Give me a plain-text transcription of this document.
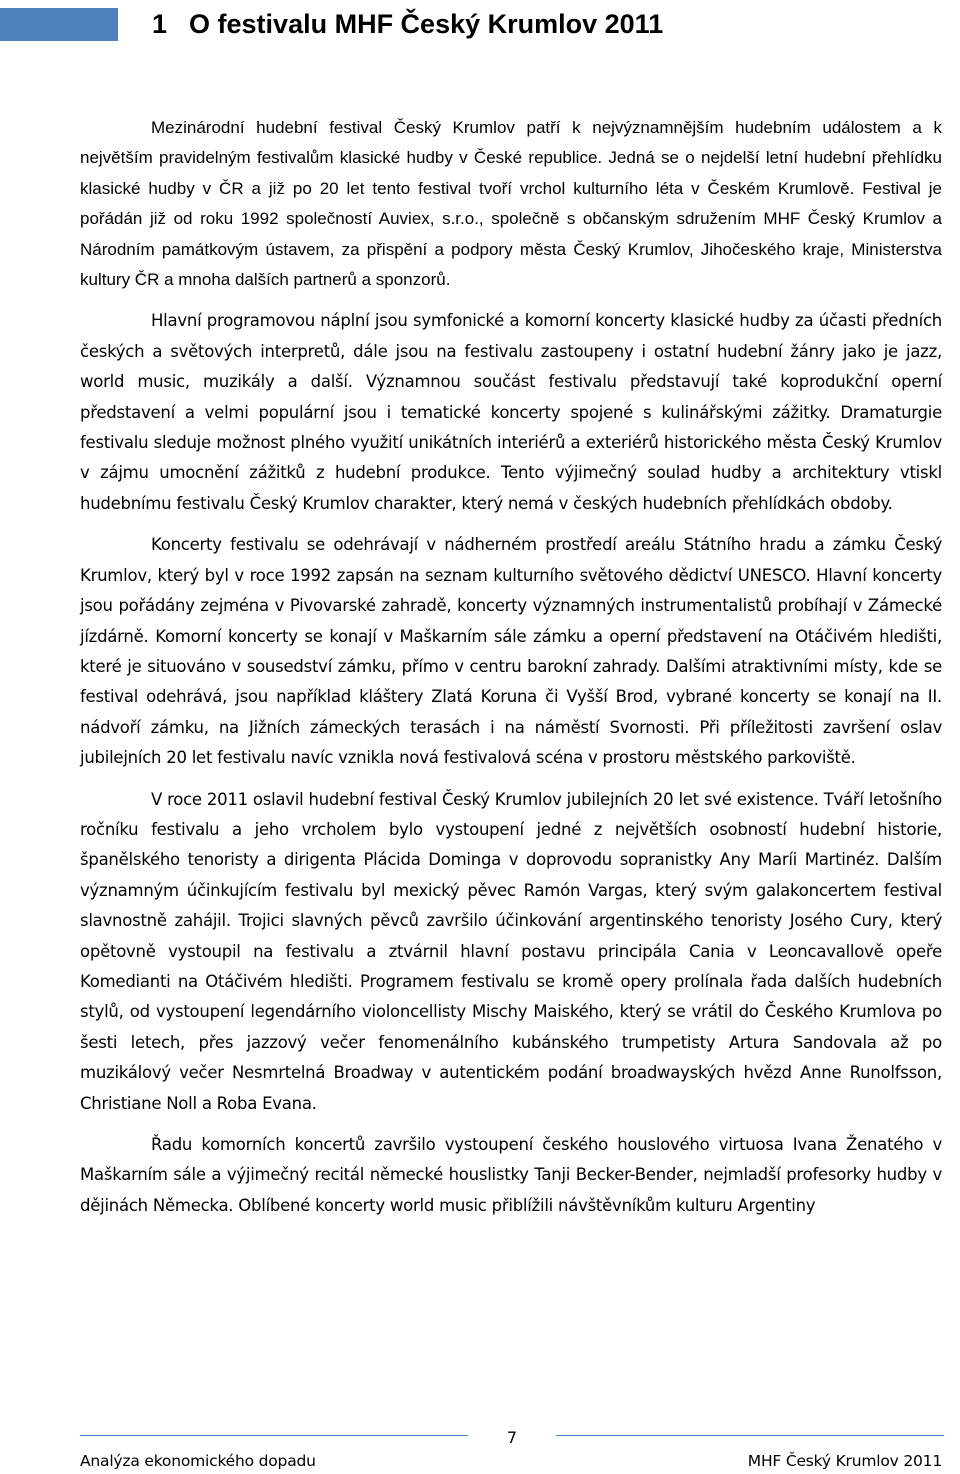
1 O festivalu MHF Český Krumlov 2011

Mezinárodní hudební festival Český Krumlov patří k nejvýznamnějším hudebním událostem a k největším pravidelným festivalům klasické hudby v České republice. Jedná se o nejdelší letní hudební přehlídku klasické hudby v ČR a již po 20 let tento festival tvoří vrchol kulturního léta v Českém Krumlově. Festival je pořádán již od roku 1992 společností Auviex, s.r.o., společně s občanským sdružením MHF Český Krumlov a Národním památkovým ústavem, za přispění a podpory města Český Krumlov, Jihočeského kraje, Ministerstva kultury ČR a mnoha dalších partnerů a sponzorů.

Hlavní programovou náplní jsou symfonické a komorní koncerty klasické hudby za účasti předních českých a světových interpretů, dále jsou na festivalu zastoupeny i ostatní hudební žánry jako je jazz, world music, muzikály a další. Významnou součást festivalu představují také koprodukční operní představení a velmi populární jsou i tematické koncerty spojené s kulinářskými zážitky. Dramaturgie festivalu sleduje možnost plného využití unikátních interiérů a exteriérů historického města Český Krumlov v zájmu umocnění zážitků z hudební produkce. Tento výjimečný soulad hudby a architektury vtiskl hudebnímu festivalu Český Krumlov charakter, který nemá v českých hudebních přehlídkách obdoby.

Koncerty festivalu se odehrávají v nádherném prostředí areálu Státního hradu a zámku Český Krumlov, který byl v roce 1992 zapsán na seznam kulturního světového dědictví UNESCO. Hlavní koncerty jsou pořádány zejména v Pivovarské zahradě, koncerty významných instrumentalistů probíhají v Zámecké jízdárně. Komorní koncerty se konají v Maškarním sále zámku a operní představení na Otáčivém hledišti, které je situováno v sousedství zámku, přímo v centru barokní zahrady. Dalšími atraktivními místy, kde se festival odehrává, jsou například kláštery Zlatá Koruna či Vyšší Brod, vybrané koncerty se konají na II. nádvoří zámku, na Jižních zámeckých terasách i na náměstí Svornosti. Při příležitosti završení oslav jubilejních 20 let festivalu navíc vznikla nová festivalová scéna v prostoru městského parkoviště.

V roce 2011 oslavil hudební festival Český Krumlov jubilejních 20 let své existence. Tváří letošního ročníku festivalu a jeho vrcholem bylo vystoupení jedné z největších osobností hudební historie, španělského tenoristy a dirigenta Plácida Dominga v doprovodu sopranistky Any Maríi Martinéz. Dalším významným účinkujícím festivalu byl mexický pěvec Ramón Vargas, který svým galakoncertem festival slavnostně zahájil. Trojici slavných pěvců završilo účinkování argentinského tenoristy Josého Cury, který opětovně vystoupil na festivalu a ztvárnil hlavní postavu principála Cania v Leoncavallově opeře Komedianti na Otáčivém hledišti. Programem festivalu se kromě opery prolínala řada dalších hudebních stylů, od vystoupení legendárního violoncellisty Mischy Maiského, který se vrátil do Českého Krumlova po šesti letech, přes jazzový večer fenomenálního kubánského trumpetisty Artura Sandovala až po muzikálový večer Nesmrtelná Broadway v autentickém podání broadwayských hvězd Anne Runolfsson, Christiane Noll a Roba Evana.

Řadu komorních koncertů završilo vystoupení českého houslového virtuosa Ivana Ženatého v Maškarním sále a výjimečný recitál německé houslistky Tanji Becker-Bender, nejmladší profesorky hudby v dějinách Německa. Oblíbené koncerty world music přiblížili návštěvníkům kulturu Argentiny

7
Analýza ekonomického dopadu	MHF Český Krumlov 2011
